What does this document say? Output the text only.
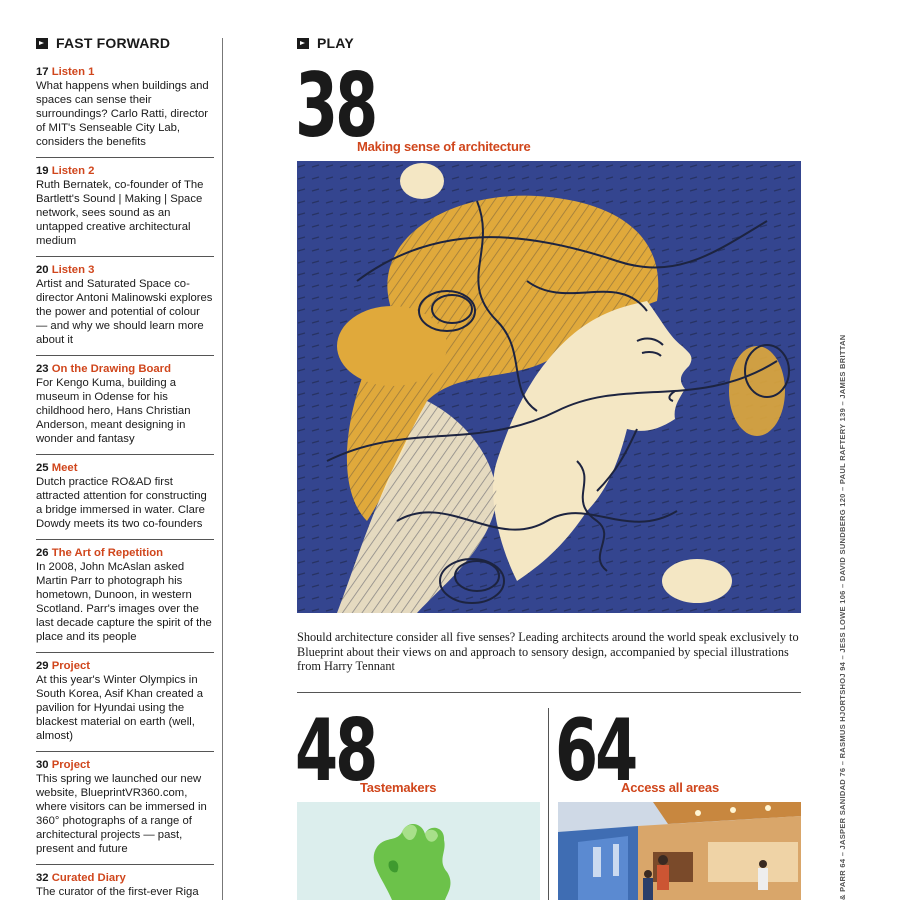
FAST FORWARD
17 Listen 1
What happens when buildings and spaces can sense their surroundings? Carlo Ratti, director of MIT's Senseable City Lab, considers the benefits
19 Listen 2
Ruth Bernatek, co-founder of The Bartlett's Sound | Making | Space network, sees sound as an untapped creative architectural medium
20 Listen 3
Artist and Saturated Space co-director Antoni Malinowski explores the power and potential of colour — and why we should learn more about it
23 On the Drawing Board
For Kengo Kuma, building a museum in Odense for his childhood hero, Hans Christian Anderson, meant designing in wonder and fantasy
25 Meet
Dutch practice RO&AD first attracted attention for constructing a bridge immersed in water. Clare Dowdy meets its two co-founders
26 The Art of Repetition
In 2008, John McAslan asked Martin Parr to photograph his hometown, Dunoon, in western Scotland. Parr's images over the last decade capture the spirit of the place and its people
29 Project
At this year's Winter Olympics in South Korea, Asif Khan created a pavilion for Hyundai using the blackest material on earth (well, almost)
30 Project
This spring we launched our new website, BlueprintVR360.com, where visitors can be immersed in 360° photographs of a range of architectural projects — past, present and future
32 Curated Diary
The curator of the first-ever Riga
PLAY
38
Making sense of architecture
Should architecture consider all five senses? Leading architects around the world speak exclusively to Blueprint about their views on and approach to sensory design, accompanied by special illustrations from Harry Tennant
48
Tastemakers 64
Access all areas	& PARR 64 – JASPER SANIDAD 76 – RASMUS HJORTSHOJ 94 – JESS LOWE 106 – DAVID SUNDBERG 120 – PAUL RAFTERY 139 – JAMES BRITTAN
